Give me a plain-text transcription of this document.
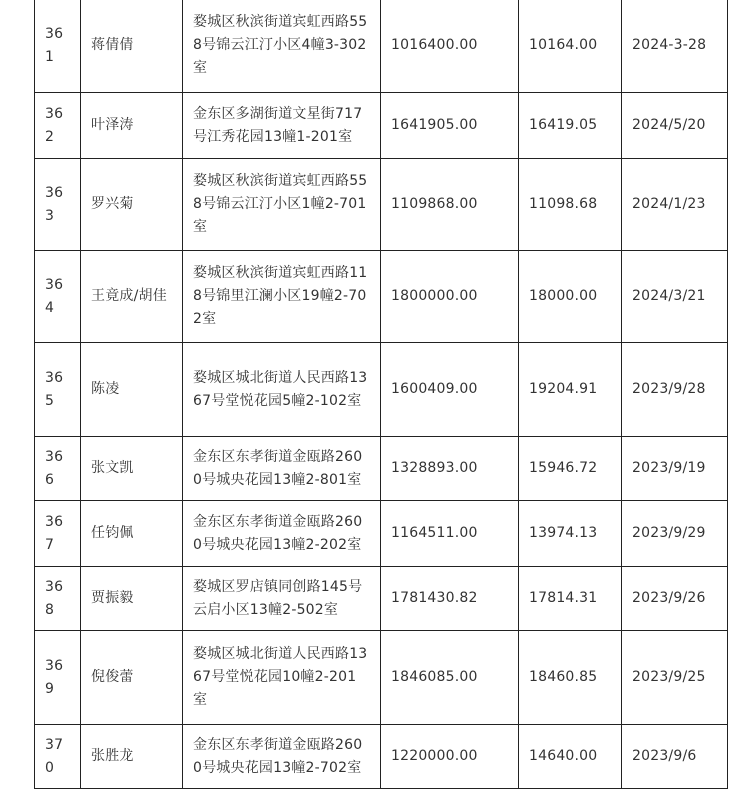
361	蒋倩倩	婺城区秋滨街道宾虹西路558号锦云江汀小区4幢3-302室	1016400.00	10164.00	2024-3-28
362	叶泽涛	金东区多湖街道文星街717号江秀花园13幢1-201室	1641905.00	16419.05	2024/5/20
363	罗兴菊	婺城区秋滨街道宾虹西路558号锦云江汀小区1幢2-701室	1109868.00	11098.68	2024/1/23
364	王竟成/胡佳	婺城区秋滨街道宾虹西路118号锦里江澜小区19幢2-702室	1800000.00	18000.00	2024/3/21
365	陈凌	婺城区城北街道人民西路1367号堂悦花园5幢2-102室	1600409.00	19204.91	2023/9/28
366	张文凯	金东区东孝街道金瓯路2600号城央花园13幢2-801室	1328893.00	15946.72	2023/9/19
367	任钧佩	金东区东孝街道金瓯路2600号城央花园13幢2-202室	1164511.00	13974.13	2023/9/29
368	贾振毅	婺城区罗店镇同创路145号云启小区13幢2-502室	1781430.82	17814.31	2023/9/26
369	倪俊蕾	婺城区城北街道人民西路1367号堂悦花园10幢2-201室	1846085.00	18460.85	2023/9/25
370	张胜龙	金东区东孝街道金瓯路2600号城央花园13幢2-702室	1220000.00	14640.00	2023/9/6
